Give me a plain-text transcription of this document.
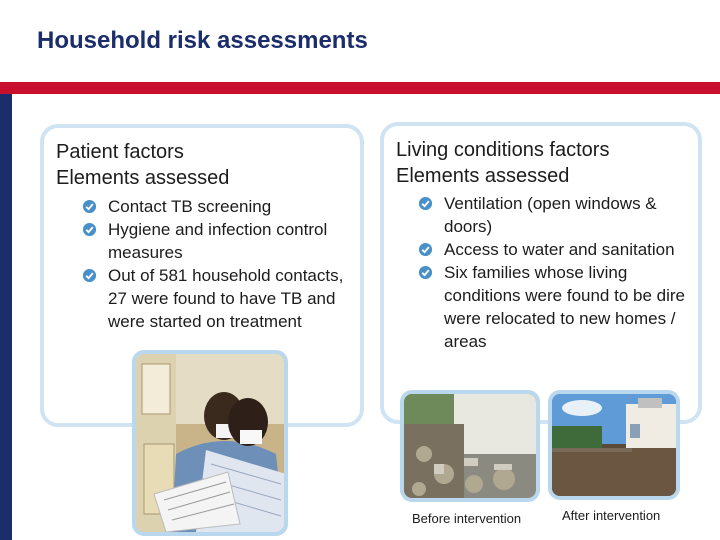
Household risk assessments
Patient factors
Elements assessed
Contact TB screening
Hygiene and infection control measures
Out of 581 household contacts, 27 were found to have TB and were started on treatment
Living conditions factors
Elements assessed
Ventilation (open windows & doors)
Access to water and sanitation
Six families whose living conditions were found to be dire were relocated to new homes / areas
Before intervention	After intervention
